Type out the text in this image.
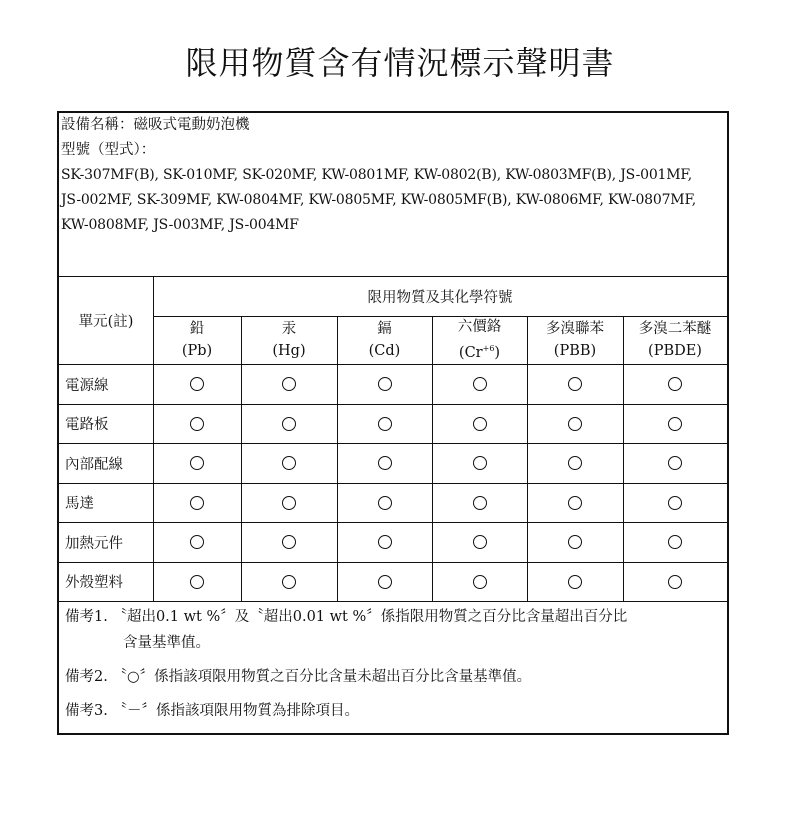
限用物質含有情況標示聲明書
設備名稱：磁吸式電動奶泡機
型號（型式）：
SK-307MF(B), SK-010MF, SK-020MF, KW-0801MF, KW-0802(B), KW-0803MF(B), JS-001MF,
JS-002MF, SK-309MF, KW-0804MF, KW-0805MF, KW-0805MF(B), KW-0806MF, KW-0807MF,
KW-0808MF, JS-003MF, JS-004MF
單元(註)
限用物質及其化學符號
鉛
(Pb)
汞
(Hg)
鎘
(Cd)
六價鉻
$(Cr^{+6})$
多溴聯苯
(PBB)
多溴二苯醚
(PBDE)
電源線
電路板
內部配線
馬達
加熱元件
外殼塑料
備考1. 〝超出0.1 wt %〞及〝超出0.01 wt %〞係指限用物質之百分比含量超出百分比
含量基準值。
備考2. 〝○〞係指該項限用物質之百分比含量未超出百分比含量基準值。
備考3. 〝－〞係指該項限用物質為排除項目。
